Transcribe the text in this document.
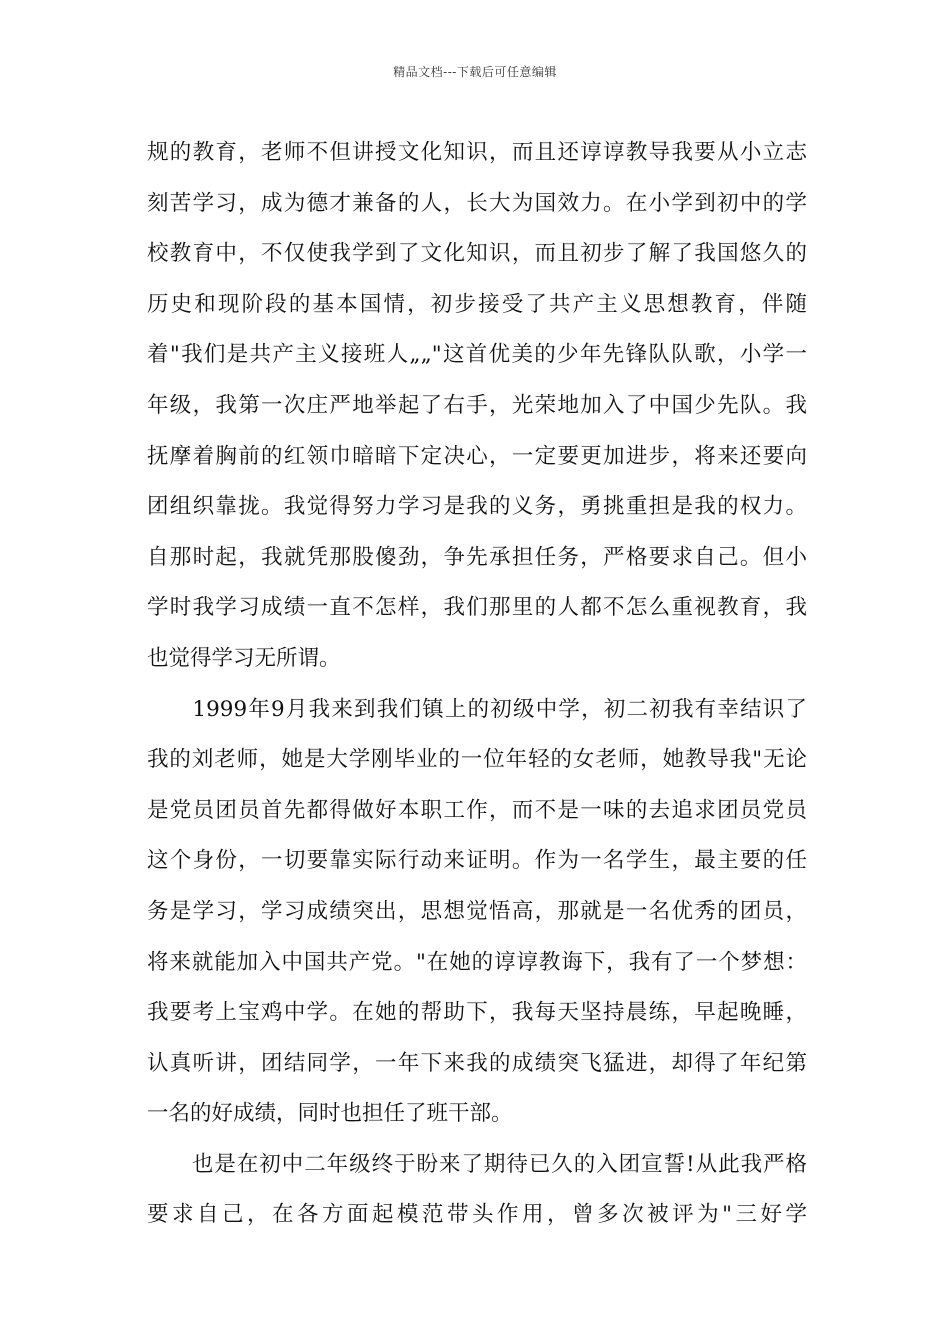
精品文档---下载后可任意编辑
规的教育，老师不但讲授文化知识，而且还谆谆教导我要从小立志
刻苦学习，成为德才兼备的人，长大为国效力。在小学到初中的学
校教育中，不仅使我学到了文化知识，而且初步了解了我国悠久的
历史和现阶段的基本国情，初步接受了共产主义思想教育，伴随
着"我们是共产主义接班人„„"这首优美的少年先锋队队歌，小学一
年级，我第一次庄严地举起了右手，光荣地加入了中国少先队。我
抚摩着胸前的红领巾暗暗下定决心，一定要更加进步，将来还要向
团组织靠拢。我觉得努力学习是我的义务，勇挑重担是我的权力。
自那时起，我就凭那股傻劲，争先承担任务，严格要求自己。但小
学时我学习成绩一直不怎样，我们那里的人都不怎么重视教育，我
也觉得学习无所谓。
　　1999年9月我来到我们镇上的初级中学，初二初我有幸结识了
我的刘老师，她是大学刚毕业的一位年轻的女老师，她教导我"无论
是党员团员首先都得做好本职工作，而不是一味的去追求团员党员
这个身份，一切要靠实际行动来证明。作为一名学生，最主要的任
务是学习，学习成绩突出，思想觉悟高，那就是一名优秀的团员，
将来就能加入中国共产党。"在她的谆谆教诲下，我有了一个梦想：
我要考上宝鸡中学。在她的帮助下，我每天坚持晨练，早起晚睡，
认真听讲，团结同学，一年下来我的成绩突飞猛进，却得了年纪第
一名的好成绩，同时也担任了班干部。
　　也是在初中二年级终于盼来了期待已久的入团宣誓!从此我严格
要求自己，在各方面起模范带头作用，曾多次被评为"三好学
